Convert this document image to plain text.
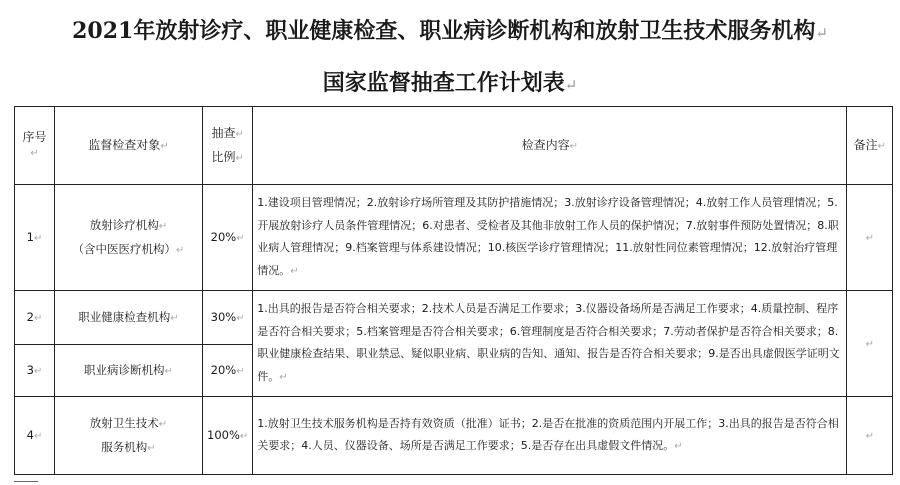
2021年放射诊疗、职业健康检查、职业病诊断机构和放射卫生技术服务机构↵
国家监督抽查工作计划表↵
序号↵	监督检查对象↵	抽查↵
比例↵	检查内容↵	备注↵
1↵	放射诊疗机构↵
（含中医医疗机构）↵	20%↵	1.建设项目管理情况；2.放射诊疗场所管理及其防护措施情况；3.放射诊疗设备管理情况；4.放射工作人员管理情况；5.开展放射诊疗人员条件管理情况；6.对患者、受检者及其他非放射工作人员的保护情况；7.放射事件预防处置情况；8.职业病人管理情况；9.档案管理与体系建设情况；10.核医学诊疗管理情况；11.放射性同位素管理情况；12.放射治疗管理情况。↵	↵
2↵	职业健康检查机构↵	30%↵	1.出具的报告是否符合相关要求；2.技术人员是否满足工作要求；3.仪器设备场所是否满足工作要求；4.质量控制、程序是否符合相关要求；5.档案管理是否符合相关要求；6.管理制度是否符合相关要求；7.劳动者保护是否符合相关要求；8.职业健康检查结果、职业禁忌、疑似职业病、职业病的告知、通知、报告是否符合相关要求；9.是否出具虚假医学证明文件。↵	↵
3↵	职业病诊断机构↵	20%↵		
4↵	放射卫生技术↵
服务机构↵	100%↵	1.放射卫生技术服务机构是否持有效资质（批准）证书；2.是否在批准的资质范围内开展工作；3.出具的报告是否符合相关要求；4.人员、仪器设备、场所是否满足工作要求；5.是否存在出具虚假文件情况。↵	↵
